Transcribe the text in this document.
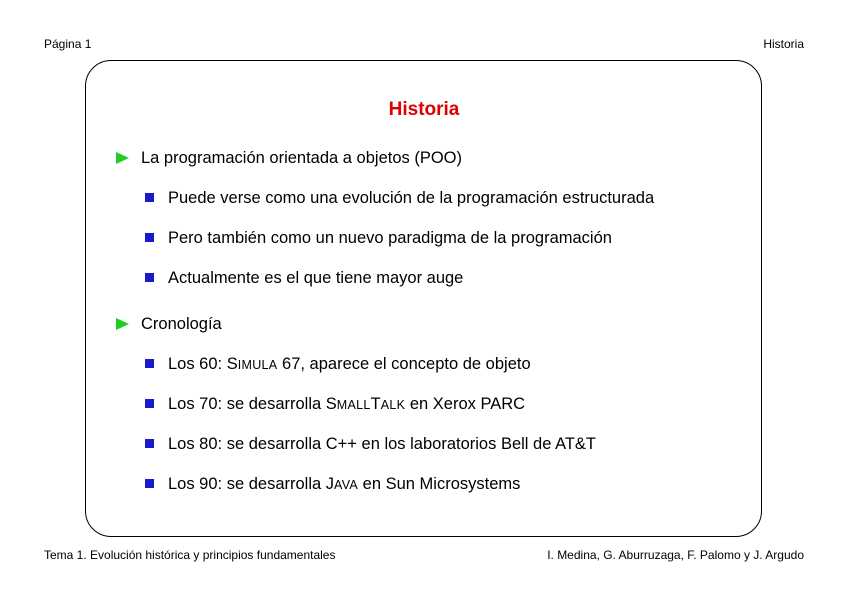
Página 1	Historia
Historia
La programación orientada a objetos (POO)
Puede verse como una evolución de la programación estructurada
Pero también como un nuevo paradigma de la programación
Actualmente es el que tiene mayor auge
Cronología
Los 60: SIMULA 67, aparece el concepto de objeto
Los 70: se desarrolla SMALLTALK en Xerox PARC
Los 80: se desarrolla C++ en los laboratorios Bell de AT&T
Los 90: se desarrolla JAVA en Sun Microsystems
Tema 1. Evolución histórica y principios fundamentales	I. Medina, G. Aburruzaga, F. Palomo y J. Argudo
